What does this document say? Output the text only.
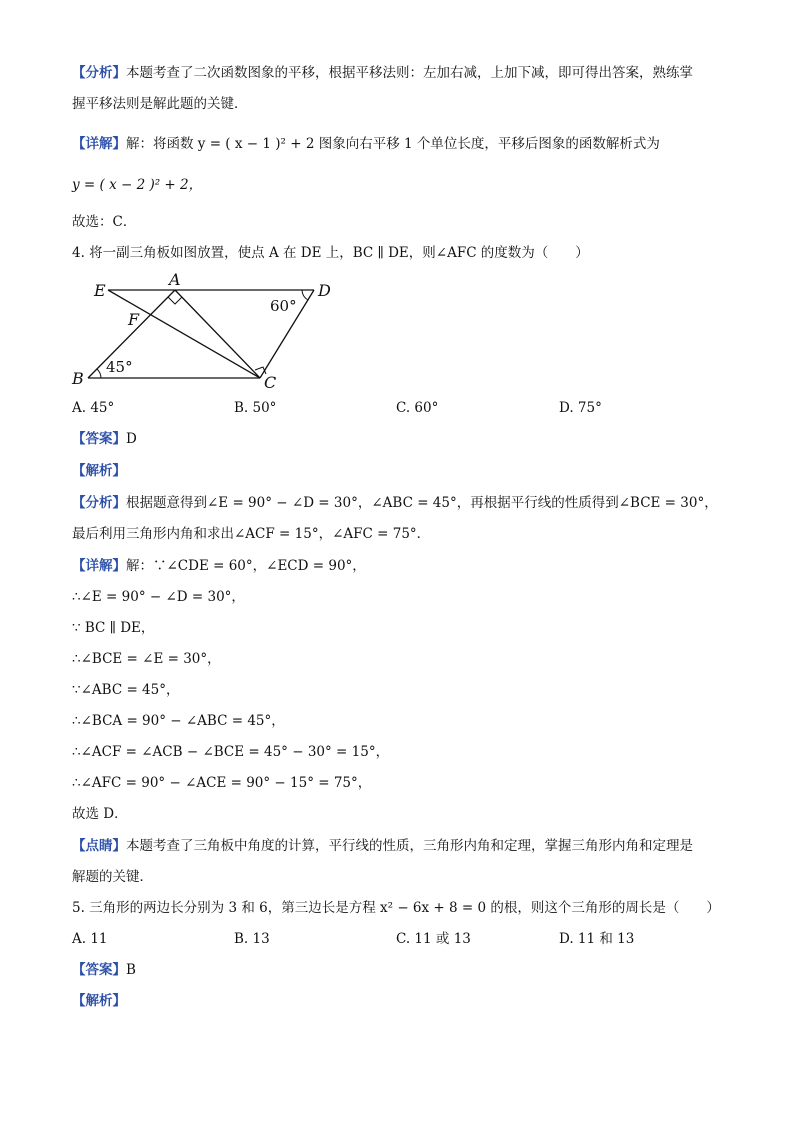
【分析】本题考查了二次函数图象的平移，根据平移法则：左加右减，上加下减，即可得出答案，熟练掌
握平移法则是解此题的关键．
【详解】解：将函数 y = ( x − 1 )² + 2 图象向右平移 1 个单位长度，平移后图象的函数解析式为
y = ( x − 2 )² + 2，
故选：C．
4. 将一副三角板如图放置，使点 A 在 DE 上，BC ∥ DE，则∠AFC 的度数为（　　）
E
A
D
F
B	C
60°
45°
A. 45°	B. 50°	C. 60°	D. 75°
【答案】D
【解析】
【分析】根据题意得到∠E = 90° − ∠D = 30°，∠ABC = 45°，再根据平行线的性质得到∠BCE = 30°，
最后利用三角形内角和求出∠ACF = 15°，∠AFC = 75°．
【详解】解：∵∠CDE = 60°，∠ECD = 90°，
∴∠E = 90° − ∠D = 30°，
∵ BC ∥ DE，
∴∠BCE = ∠E = 30°，
∵∠ABC = 45°，
∴∠BCA = 90° − ∠ABC = 45°，
∴∠ACF = ∠ACB − ∠BCE = 45° − 30° = 15°，
∴∠AFC = 90° − ∠ACE = 90° − 15° = 75°，
故选 D．
【点睛】本题考查了三角板中角度的计算，平行线的性质，三角形内角和定理，掌握三角形内角和定理是
解题的关键．
5. 三角形的两边长分别为 3 和 6，第三边长是方程 x² − 6x + 8 = 0 的根，则这个三角形的周长是（　　）
A. 11	B. 13	C. 11 或 13	D. 11 和 13
【答案】B
【解析】
